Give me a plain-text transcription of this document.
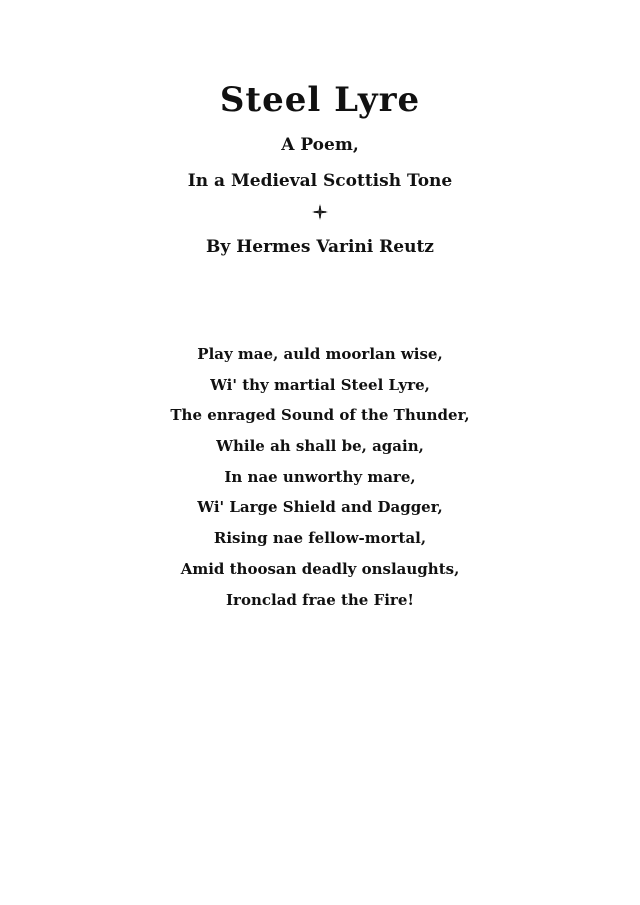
Steel Lyre

A Poem,

In a Medieval Scottish Tone

By Hermes Varini Reutz

Play mae, auld moorlan wise,
Wi' thy martial Steel Lyre,
The enraged Sound of the Thunder,
While ah shall be, again,
In nae unworthy mare,
Wi' Large Shield and Dagger,
Rising nae fellow-mortal,
Amid thoosan deadly onslaughts,
Ironclad frae the Fire!
